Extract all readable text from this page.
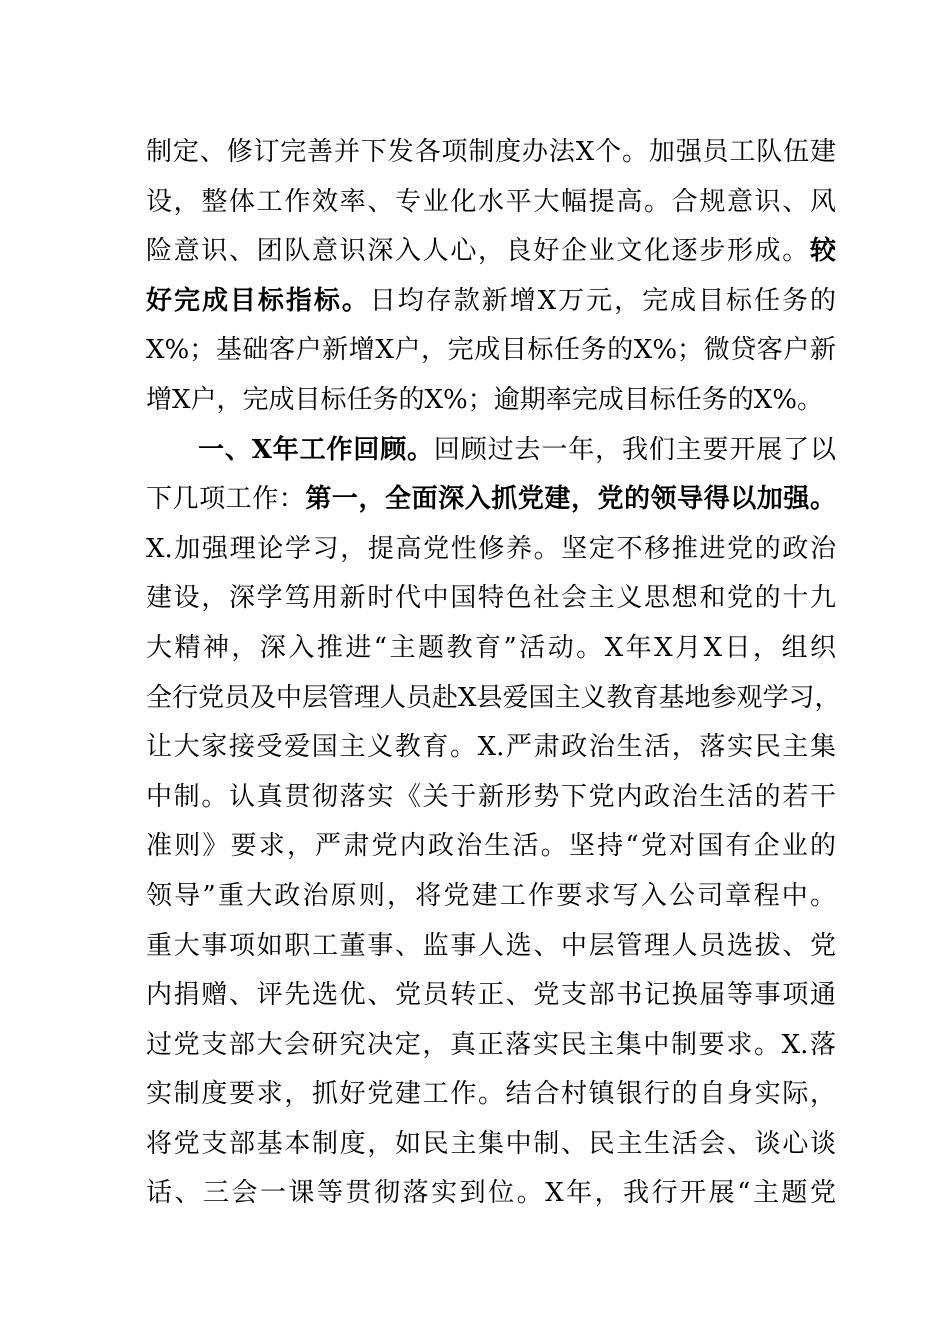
制定、修订完善并下发各项制度办法X个。加强员工队伍建
设，整体工作效率、专业化水平大幅提高。合规意识、风
险意识、团队意识深入人心，良好企业文化逐步形成。较
好完成目标指标。日均存款新增X万元，完成目标任务的
X%；基础客户新增X户，完成目标任务的X%；微贷客户新
增X户，完成目标任务的X%；逾期率完成目标任务的X%。
一、X年工作回顾。回顾过去一年，我们主要开展了以
下几项工作：第一，全面深入抓党建，党的领导得以加强。
X.加强理论学习，提高党性修养。坚定不移推进党的政治
建设，深学笃用新时代中国特色社会主义思想和党的十九
大精神，深入推进“主题教育”活动。X年X月X日，组织
全行党员及中层管理人员赴X县爱国主义教育基地参观学习，
让大家接受爱国主义教育。X.严肃政治生活，落实民主集
中制。认真贯彻落实《关于新形势下党内政治生活的若干
准则》要求，严肃党内政治生活。坚持“党对国有企业的
领导”重大政治原则，将党建工作要求写入公司章程中。
重大事项如职工董事、监事人选、中层管理人员选拔、党
内捐赠、评先选优、党员转正、党支部书记换届等事项通
过党支部大会研究决定，真正落实民主集中制要求。X.落
实制度要求，抓好党建工作。结合村镇银行的自身实际，
将党支部基本制度，如民主集中制、民主生活会、谈心谈
话、三会一课等贯彻落实到位。X年，我行开展“主题党
